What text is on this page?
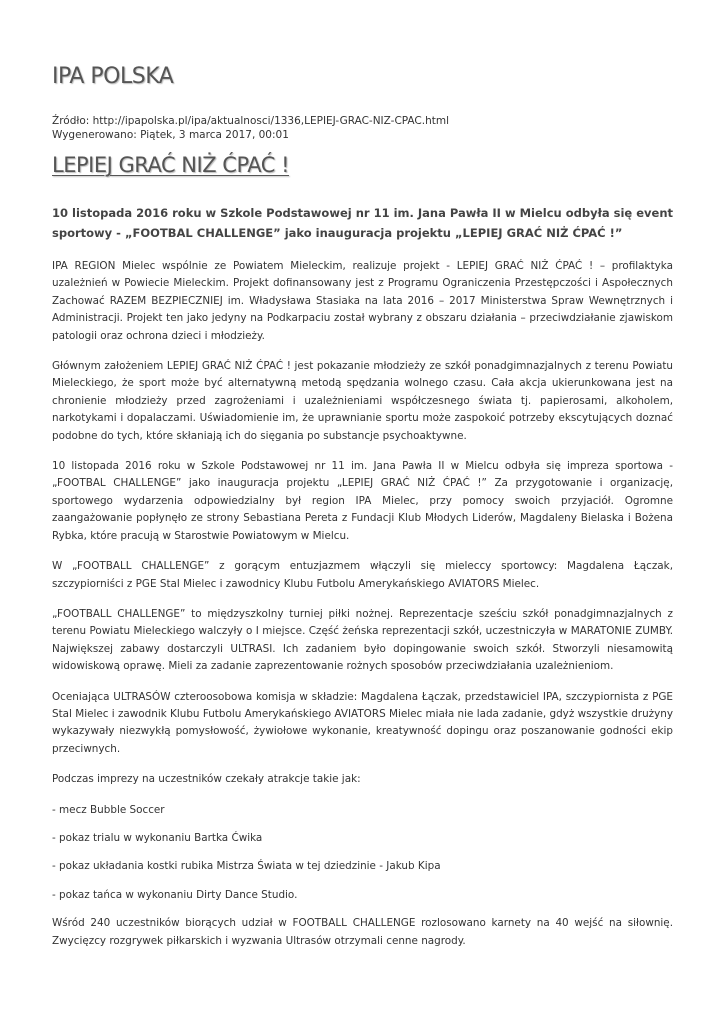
IPA POLSKA
Źródło: http://ipapolska.pl/ipa/aktualnosci/1336,LEPIEJ-GRAC-NIZ-CPAC.html
Wygenerowano: Piątek, 3 marca 2017, 00:01
LEPIEJ GRAĆ NIŻ ĆPAĆ !
10 listopada 2016 roku w Szkole Podstawowej nr 11 im. Jana Pawła II w Mielcu odbyła się event sportowy - „FOOTBAL CHALLENGE” jako inauguracja projektu „LEPIEJ GRAĆ NIŻ ĆPAĆ !”

IPA REGION Mielec wspólnie ze Powiatem Mieleckim, realizuje projekt - LEPIEJ GRAĆ NIŻ ĆPAĆ ! – profilaktyka uzależnień w Powiecie Mieleckim. Projekt dofinansowany jest z Programu Ograniczenia Przestępczości i Aspołecznych Zachować RAZEM BEZPIECZNIEJ im. Władysława Stasiaka na lata 2016 – 2017 Ministerstwa Spraw Wewnętrznych i Administracji. Projekt ten jako jedyny na Podkarpaciu został wybrany z obszaru działania – przeciwdziałanie zjawiskom patologii oraz ochrona dzieci i młodzieży.

Głównym założeniem LEPIEJ GRAĆ NIŻ ĆPAĆ ! jest pokazanie młodzieży ze szkół ponadgimnazjalnych z terenu Powiatu Mieleckiego, że sport może być alternatywną metodą spędzania wolnego czasu. Cała akcja ukierunkowana jest na chronienie młodzieży przed zagrożeniami i uzależnieniami współczesnego świata tj. papierosami, alkoholem, narkotykami i dopalaczami. Uświadomienie im, że uprawnianie sportu może zaspokoić potrzeby ekscytujących doznać podobne do tych, które skłaniają ich do sięgania po substancje psychoaktywne.

10 listopada 2016 roku w Szkole Podstawowej nr 11 im. Jana Pawła II w Mielcu odbyła się impreza sportowa - „FOOTBAL CHALLENGE” jako inauguracja projektu „LEPIEJ GRAĆ NIŻ ĆPAĆ !” Za przygotowanie i organizację, sportowego wydarzenia odpowiedzialny był region IPA Mielec, przy pomocy swoich przyjaciół. Ogromne zaangażowanie popłynęło ze strony Sebastiana Pereta z Fundacji Klub Młodych Liderów, Magdaleny Bielaska i Bożena Rybka, które pracują w Starostwie Powiatowym w Mielcu.

W „FOOTBALL CHALLENGE” z gorącym entuzjazmem włączyli się mieleccy sportowcy: Magdalena Łączak, szczypiorniści z PGE Stal Mielec i zawodnicy Klubu Futbolu Amerykańskiego AVIATORS Mielec.

„FOOTBALL CHALLENGE” to międzyszkolny turniej piłki nożnej. Reprezentacje sześciu szkół ponadgimnazjalnych z terenu Powiatu Mieleckiego walczyły o I miejsce. Część żeńska reprezentacji szkół, uczestniczyła w MARATONIE ZUMBY. Największej zabawy dostarczyli ULTRASI. Ich zadaniem było dopingowanie swoich szkół. Stworzyli niesamowitą widowiskową oprawę. Mieli za zadanie zaprezentowanie rożnych sposobów przeciwdziałania uzależnieniom.

Oceniająca ULTRASÓW czteroosobowa komisja w składzie: Magdalena Łączak, przedstawiciel IPA, szczypiornista z PGE Stal Mielec i zawodnik Klubu Futbolu Amerykańskiego AVIATORS Mielec miała nie lada zadanie, gdyż wszystkie drużyny wykazywały niezwykłą pomysłowość, żywiołowe wykonanie, kreatywność dopingu oraz poszanowanie godności ekip przeciwnych.

Podczas imprezy na uczestników czekały atrakcje takie jak:

- mecz Bubble Soccer

- pokaz trialu w wykonaniu Bartka Ćwika

- pokaz układania kostki rubika Mistrza Świata w tej dziedzinie - Jakub Kipa

- pokaz tańca w wykonaniu Dirty Dance Studio.

Wśród 240 uczestników biorących udział w FOOTBALL CHALLENGE rozlosowano karnety na 40 wejść na siłownię. Zwycięzcy rozgrywek piłkarskich i wyzwania Ultrasów otrzymali cenne nagrody.
